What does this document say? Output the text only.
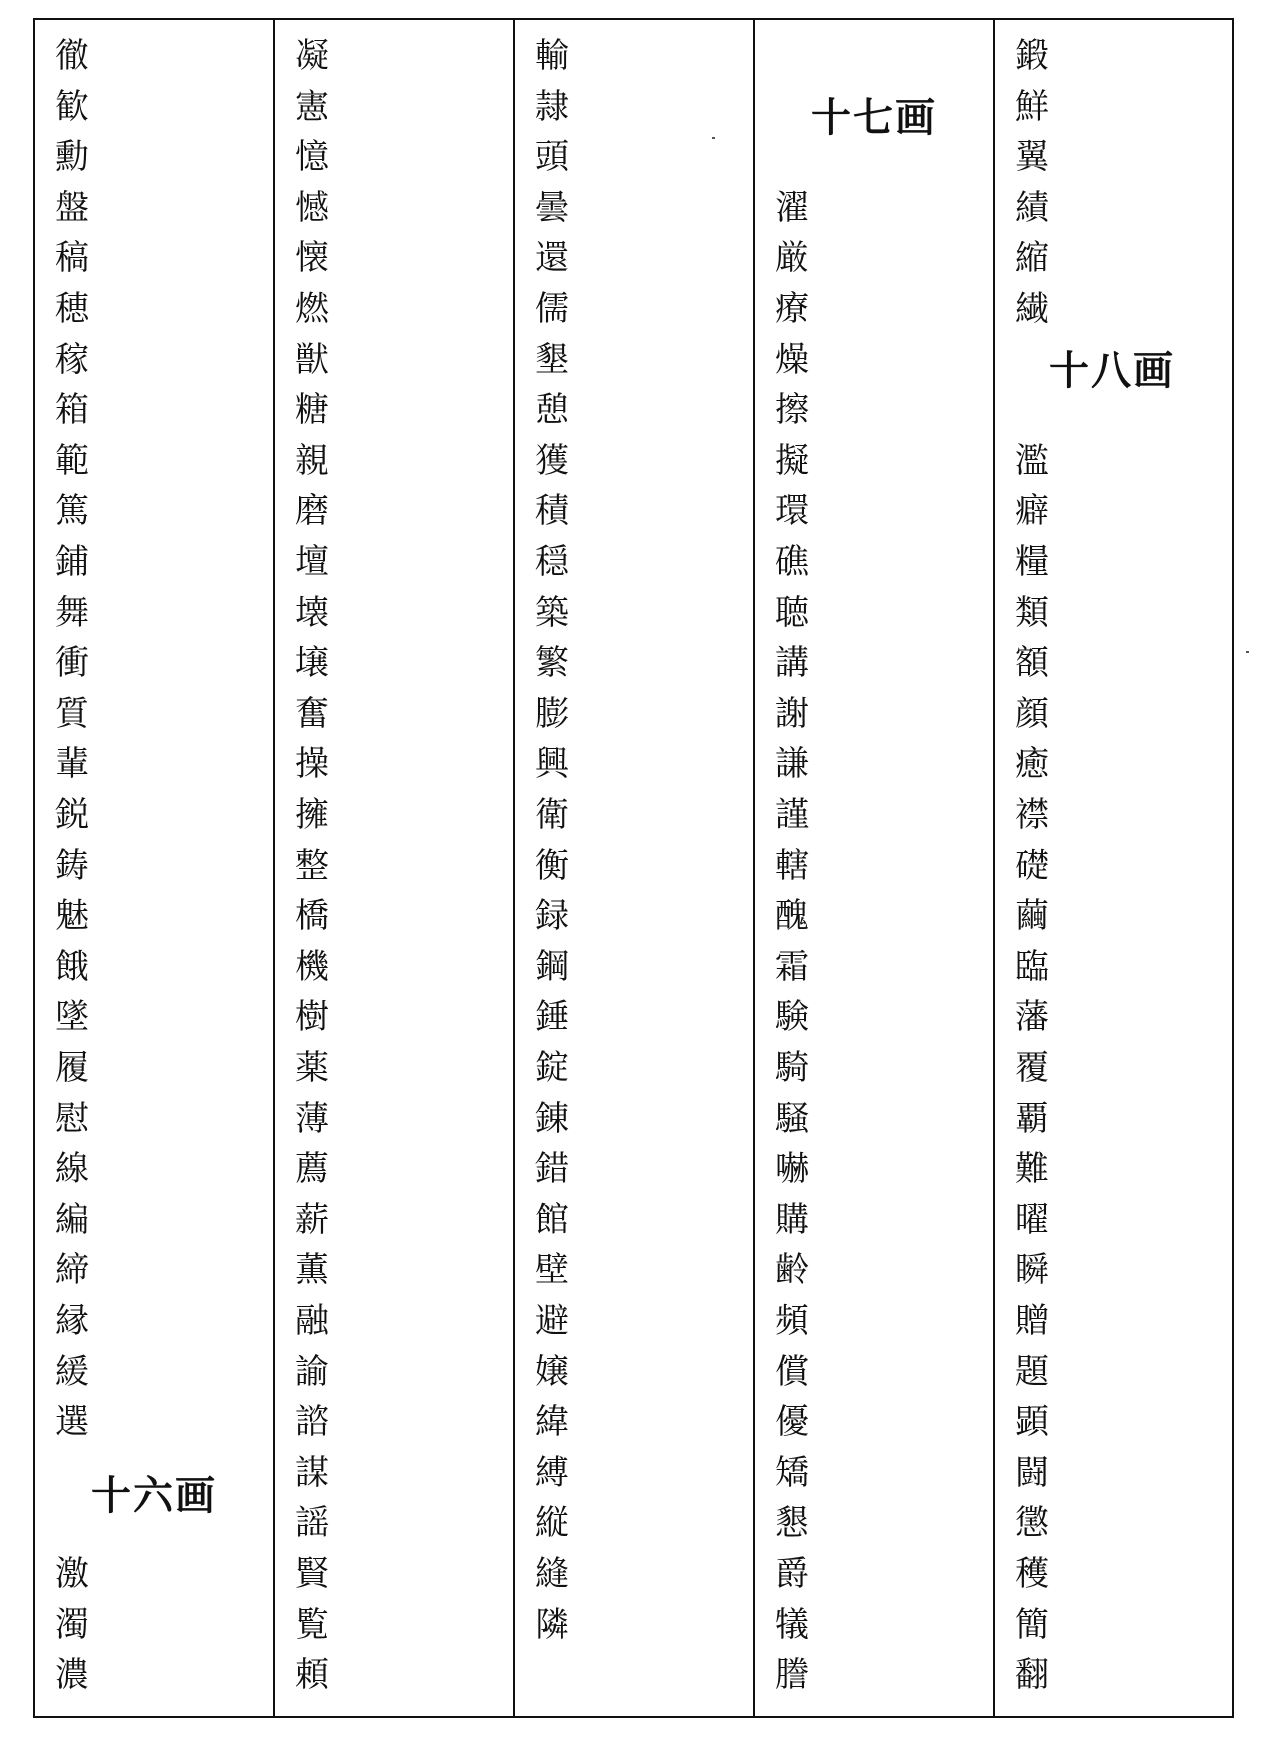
徹
歓
勳
盤
稿
穂
稼
箱
範
篤
鋪
舞
衝
質
輩
鋭
鋳
魅
餓
墜
履
慰
線
編
締
縁
緩
選
十六画
激
濁
濃
凝
憲
憶
憾
懐
燃
獣
糖
親
磨
壇
壊
壌
奮
操
擁
整
橋
機
樹
薬
薄
薦
薪
薫
融
諭
諮
謀
謡
賢
覧
頼
輸
隷
頭
曇
還
儒
墾
憩
獲
積
穏
築
繁
膨
興
衛
衡
録
鋼
錘
錠
錬
錯
館
壁
避
嬢
緯
縛
縦
縫
隣
十七画
濯
厳
療
燥
擦
擬
環
礁
聴
講
謝
謙
謹
轄
醜
霜
験
騎
騒
嚇
購
齢
頻
償
優
矯
懇
爵
犠
謄
鍛
鮮
翼
績
縮
繊
十八画
濫
癖
糧
類
額
顔
癒
襟
礎
繭
臨
藩
覆
覇
難
曜
瞬
贈
題
顕
闘
懲
穫
簡
翻
